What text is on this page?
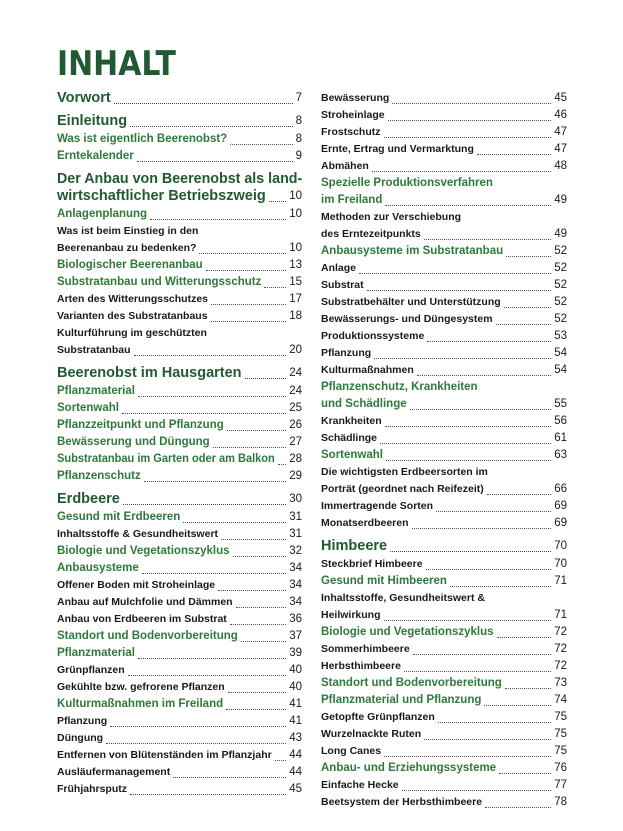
INHALT
Vorwort	7
Einleitung	8
Was ist eigentlich Beerenobst?	8
Erntekalender	9
Der Anbau von Beerenobst als land-
wirtschaftlicher Betriebszweig 10
Anlagenplanung	10
Was ist beim Einstieg in den
Beerenanbau zu bedenken?	10
Biologischer Beerenanbau	13
Substratanbau und Witterungsschutz 15
Arten des Witterungsschutzes	17
Varianten des Substratanbaus	18
Kulturführung im geschützten
Substratanbau	20
Beerenobst im Hausgarten	24
Pflanzmaterial	24
Sortenwahl	25
Pflanzzeitpunkt und Pflanzung	26
Bewässerung und Düngung	27
Substratanbau im Garten oder am Balkon 28
Pflanzenschutz	29
Erdbeere	30
Gesund mit Erdbeeren	31
Inhaltsstoffe & Gesundheitswert	31
Biologie und Vegetationszyklus	32
Anbausysteme	34
Offener Boden mit Stroheinlage	34
Anbau auf Mulchfolie und Dämmen	34
Anbau von Erdbeeren im Substrat	36
Standort und Bodenvorbereitung	37
Pflanzmaterial	39
Grünpflanzen	40
Gekühlte bzw. gefrorene Pflanzen	40
Kulturmaßnahmen im Freiland	41
Pflanzung	41
Düngung	43
Entfernen von Blütenständen im Pflanzjahr 44
Ausläufermanagement	44
Frühjahrsputz	45
Bewässerung	45
Stroheinlage	46
Frostschutz	47
Ernte, Ertrag und Vermarktung	47
Abmähen	48
Spezielle Produktionsverfahren
im Freiland	49
Methoden zur Verschiebung
des Erntezeitpunkts	49
Anbausysteme im Substratanbau	52
Anlage	52
Substrat	52
Substratbehälter und Unterstützung	52
Bewässerungs- und Düngesystem	52
Produktionssysteme	53
Pflanzung	54
Kulturmaßnahmen	54
Pflanzenschutz, Krankheiten
und Schädlinge	55
Krankheiten	56
Schädlinge	61
Sortenwahl	63
Die wichtigsten Erdbeersorten im
Porträt (geordnet nach Reifezeit)	66
Immertragende Sorten	69
Monatserdbeeren	69
Himbeere	70
Steckbrief Himbeere	70
Gesund mit Himbeeren	71
Inhaltsstoffe, Gesundheitswert &
Heilwirkung	71
Biologie und Vegetationszyklus	72
Sommerhimbeere	72
Herbsthimbeere	72
Standort und Bodenvorbereitung	73
Pflanzmaterial und Pflanzung	74
Getopfte Grünpflanzen	75
Wurzelnackte Ruten	75
Long Canes	75
Anbau- und Erziehungssysteme	76
Einfache Hecke	77
Beetsystem der Herbsthimbeere	78
